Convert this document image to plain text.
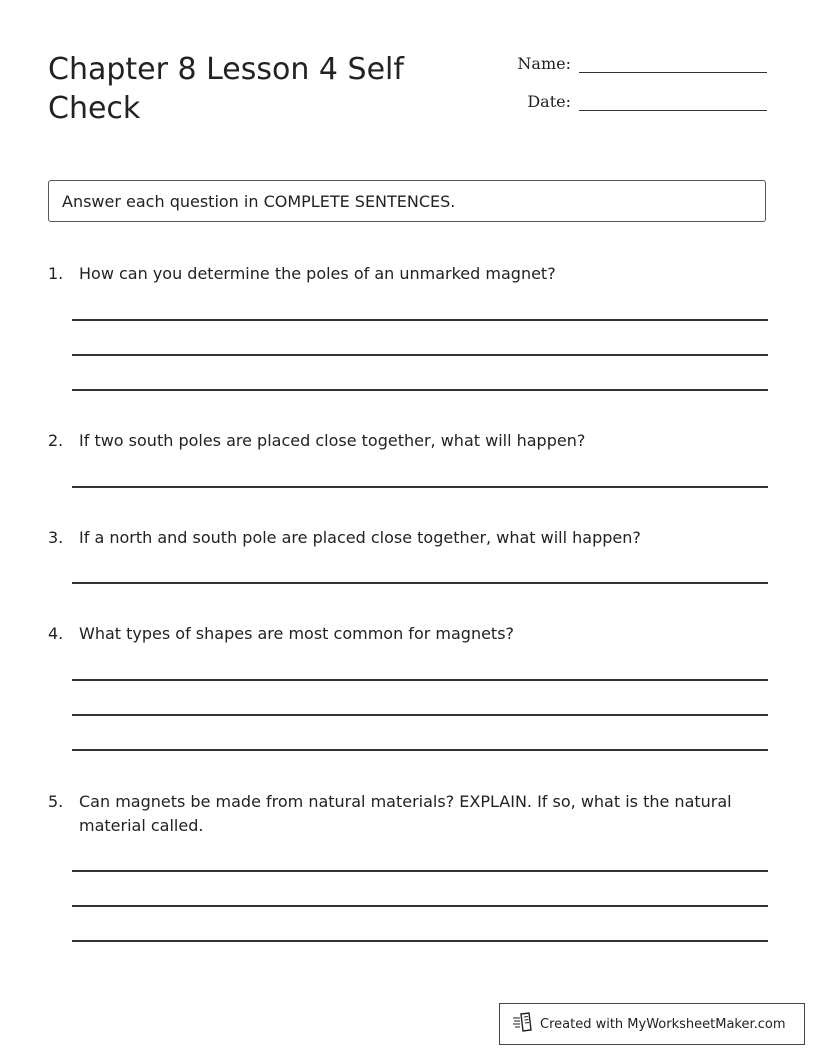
Chapter 8 Lesson 4 Self Check
Name:
Date:
Answer each question in COMPLETE SENTENCES.
1. How can you determine the poles of an unmarked magnet?
2. If two south poles are placed close together, what will happen?
3. If a north and south pole are placed close together, what will happen?
4. What types of shapes are most common for magnets?
5. Can magnets be made from natural materials? EXPLAIN. If so, what is the natural material called.
Created with MyWorksheetMaker.com
